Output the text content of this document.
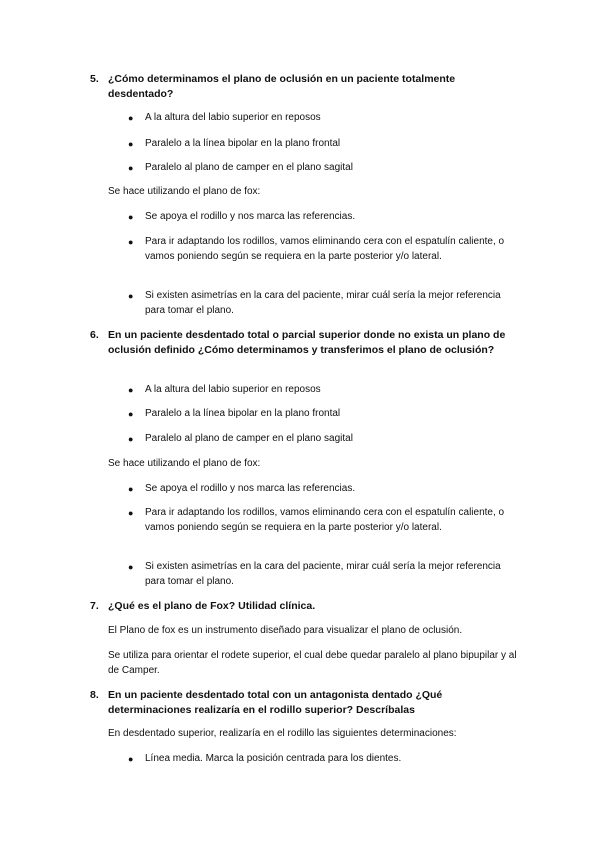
5. ¿Cómo determinamos el plano de oclusión en un paciente totalmente desdentado?
● A la altura del labio superior en reposos
● Paralelo a la línea bipolar en la plano frontal
● Paralelo al plano de camper en el plano sagital
Se hace utilizando el plano de fox:
● Se apoya el rodillo y nos marca las referencias.
● Para ir adaptando los rodillos, vamos eliminando cera con el espatulín caliente, o vamos poniendo según se requiera en la parte posterior y/o lateral.
● Si existen asimetrías en la cara del paciente, mirar cuál sería la mejor referencia para tomar el plano.
6. En un paciente desdentado total o parcial superior donde no exista un plano de oclusión definido ¿Cómo determinamos y transferimos el plano de oclusión?
● A la altura del labio superior en reposos
● Paralelo a la línea bipolar en la plano frontal
● Paralelo al plano de camper en el plano sagital
Se hace utilizando el plano de fox:
● Se apoya el rodillo y nos marca las referencias.
● Para ir adaptando los rodillos, vamos eliminando cera con el espatulín caliente, o vamos poniendo según se requiera en la parte posterior y/o lateral.
● Si existen asimetrías en la cara del paciente, mirar cuál sería la mejor referencia para tomar el plano.
7. ¿Qué es el plano de Fox? Utilidad clínica.
El Plano de fox es un instrumento diseñado para visualizar el plano de oclusión.
Se utiliza para orientar el rodete superior, el cual debe quedar paralelo al plano bipupilar y al de Camper.
8. En un paciente desdentado total con un antagonista dentado ¿Qué determinaciones realizaría en el rodillo superior? Descríbalas
En desdentado superior, realizaría en el rodillo las siguientes determinaciones:
● Línea media. Marca la posición centrada para los dientes.
